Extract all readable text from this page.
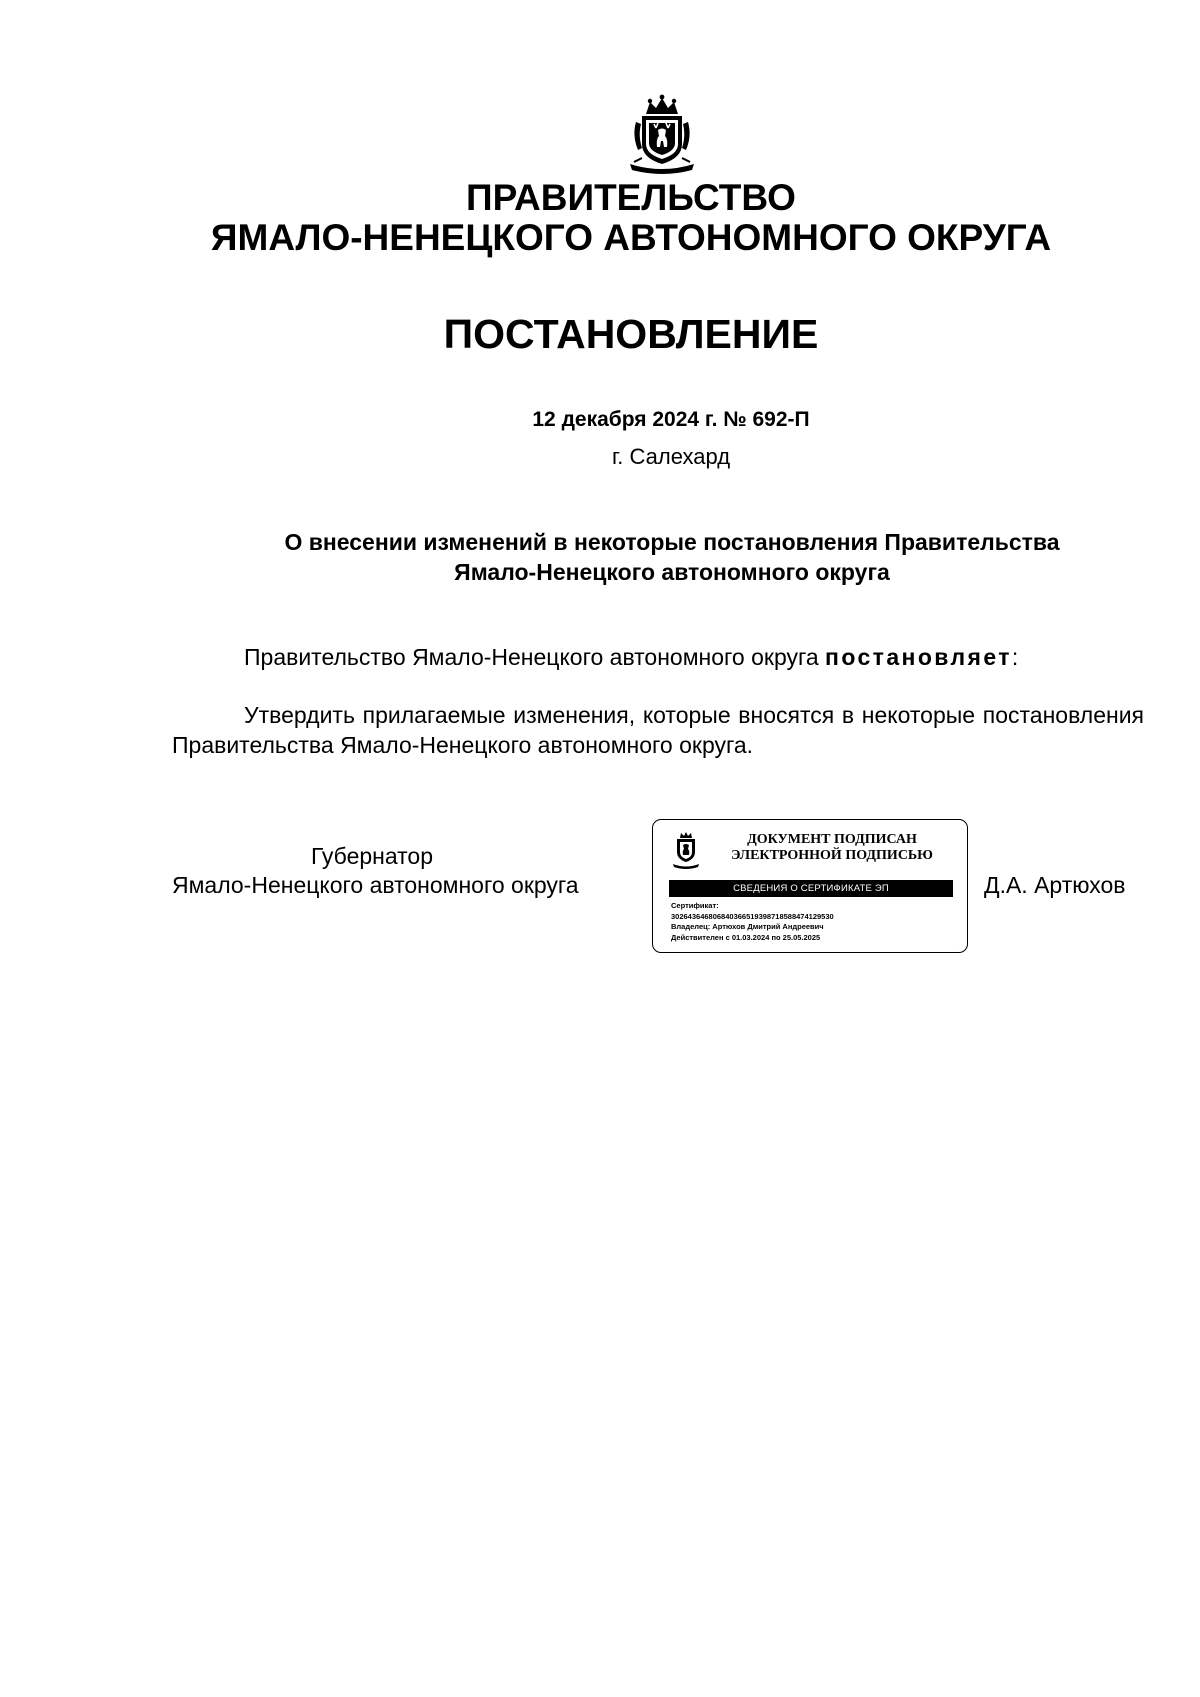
ПРАВИТЕЛЬСТВО
ЯМАЛО-НЕНЕЦКОГО АВТОНОМНОГО ОКРУГА
ПОСТАНОВЛЕНИЕ
12 декабря 2024 г. № 692-П
г. Салехард
О внесении изменений в некоторые постановления Правительства
Ямало-Ненецкого автономного округа
Правительство Ямало-Ненецкого автономного округа постановляет:
Утвердить прилагаемые изменения, которые вносятся в некоторые постановления Правительства Ямало-Ненецкого автономного округа.
Губернатор
Ямало-Ненецкого автономного округа	Д.А. Артюхов
ДОКУМЕНТ ПОДПИСАН
ЭЛЕКТРОННОЙ ПОДПИСЬЮ
СВЕДЕНИЯ О СЕРТИФИКАТЕ ЭП
Сертификат:
30264364680684036651939871858847412953​0
Владелец: Артюхов Дмитрий Андреевич
Действителен с 01.03.2024 по 25.05.2025
